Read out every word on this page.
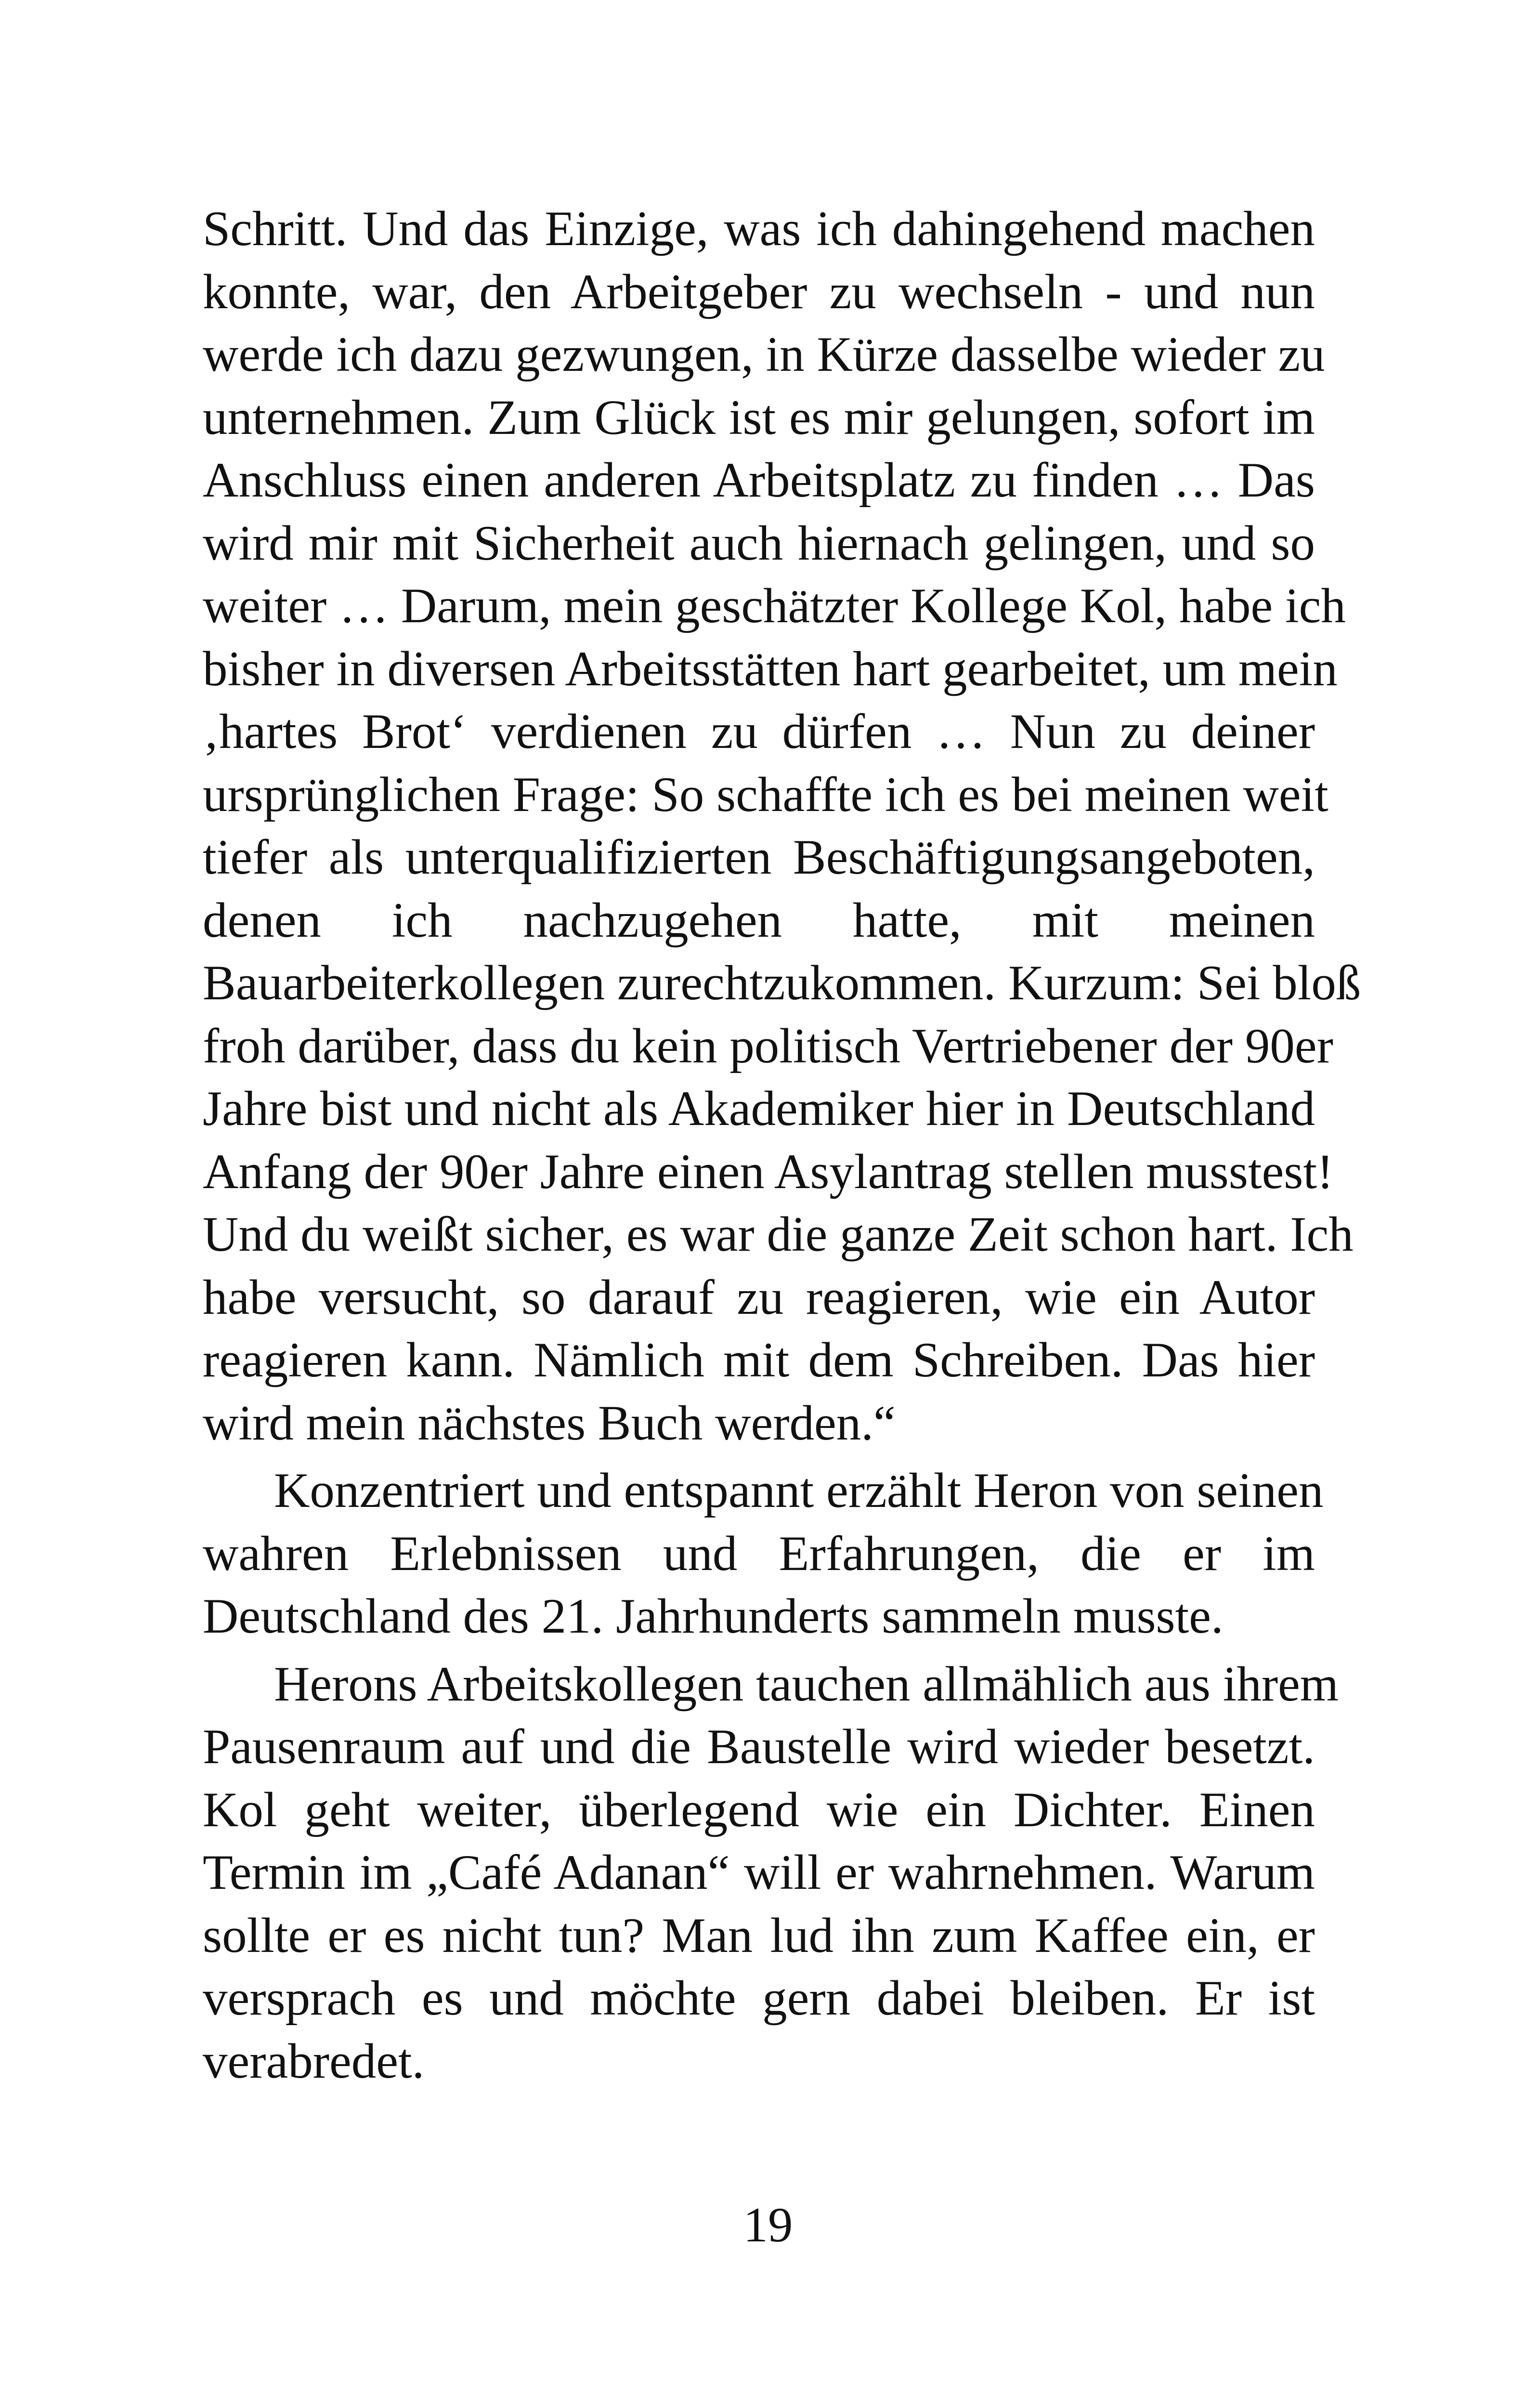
Schritt. Und das Einzige, was ich dahingehend machen
konnte, war, den Arbeitgeber zu wechseln - und nun
werde ich dazu gezwungen, in Kürze dasselbe wieder zu
unternehmen. Zum Glück ist es mir gelungen, sofort im
Anschluss einen anderen Arbeitsplatz zu finden … Das
wird mir mit Sicherheit auch hiernach gelingen, und so
weiter … Darum, mein geschätzter Kollege Kol, habe ich
bisher in diversen Arbeitsstätten hart gearbeitet, um mein
‚hartes Brot‘ verdienen zu dürfen … Nun zu deiner
ursprünglichen Frage: So schaffte ich es bei meinen weit
tiefer als unterqualifizierten Beschäftigungsangeboten,
denen ich nachzugehen hatte, mit meinen
Bauarbeiterkollegen zurechtzukommen. Kurzum: Sei bloß
froh darüber, dass du kein politisch Vertriebener der 90er
Jahre bist und nicht als Akademiker hier in Deutschland
Anfang der 90er Jahre einen Asylantrag stellen musstest!
Und du weißt sicher, es war die ganze Zeit schon hart. Ich
habe versucht, so darauf zu reagieren, wie ein Autor
reagieren kann. Nämlich mit dem Schreiben. Das hier
wird mein nächstes Buch werden.“
Konzentriert und entspannt erzählt Heron von seinen
wahren Erlebnissen und Erfahrungen, die er im
Deutschland des 21. Jahrhunderts sammeln musste.
Herons Arbeitskollegen tauchen allmählich aus ihrem
Pausenraum auf und die Baustelle wird wieder besetzt.
Kol geht weiter, überlegend wie ein Dichter. Einen
Termin im „Café Adanan“ will er wahrnehmen. Warum
sollte er es nicht tun? Man lud ihn zum Kaffee ein, er
versprach es und möchte gern dabei bleiben. Er ist
verabredet.
19
